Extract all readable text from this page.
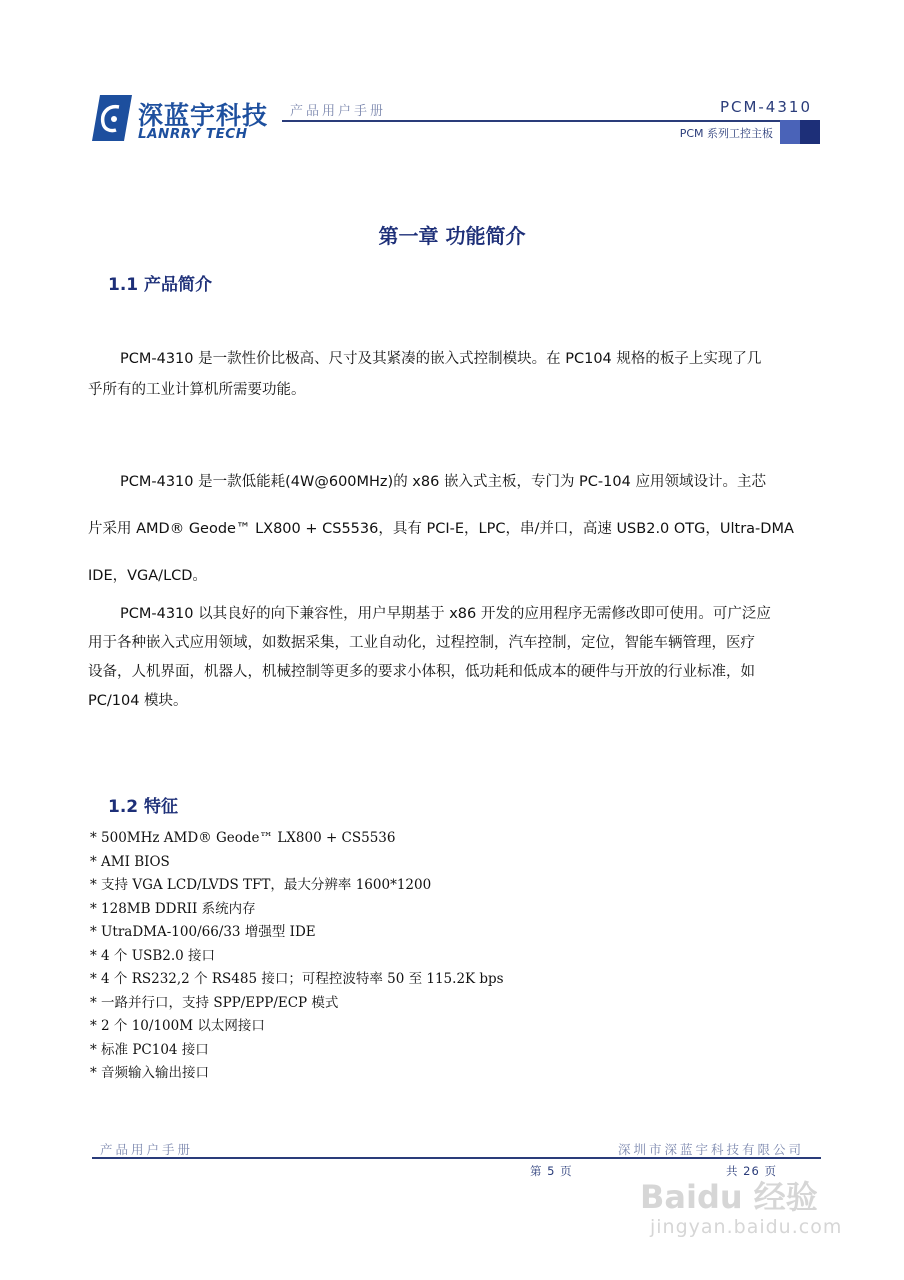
深蓝宇科技
LANRRY TECH
产品用户手册	PCM-4310
PCM 系列工控主板
第一章 功能简介
1.1 产品简介
PCM-4310 是一款性价比极高、尺寸及其紧凑的嵌入式控制模块。在 PC104 规格的板子上实现了几
乎所有的工业计算机所需要功能。
PCM-4310 是一款低能耗(4W@600MHz)的 x86 嵌入式主板，专门为 PC-104 应用领域设计。主芯
片采用 AMD® Geode™ LX800 + CS5536，具有 PCI-E，LPC，串/并口，高速 USB2.0 OTG，Ultra-DMA
IDE，VGA/LCD。
PCM-4310 以其良好的向下兼容性，用户早期基于 x86 开发的应用程序无需修改即可使用。可广泛应
用于各种嵌入式应用领域，如数据采集，工业自动化，过程控制，汽车控制，定位，智能车辆管理，医疗
设备，人机界面，机器人，机械控制等更多的要求小体积，低功耗和低成本的硬件与开放的行业标准，如
PC/104 模块。
1.2 特征
* 500MHz AMD® Geode™ LX800 + CS5536
* AMI BIOS
* 支持 VGA LCD/LVDS TFT，最大分辨率 1600*1200
* 128MB DDRII 系统内存
* UtraDMA-100/66/33 增强型 IDE
* 4 个 USB2.0 接口
* 4 个 RS232,2 个 RS485 接口；可程控波特率 50 至 115.2K bps
* 一路并行口，支持 SPP/EPP/ECP 模式
* 2 个 10/100M 以太网接口
* 标准 PC104 接口
* 音频输入输出接口
产品用户手册	深圳市深蓝宇科技有限公司
第 5 页	共 26 页
Baidu 经验
jingyan.baidu.com
